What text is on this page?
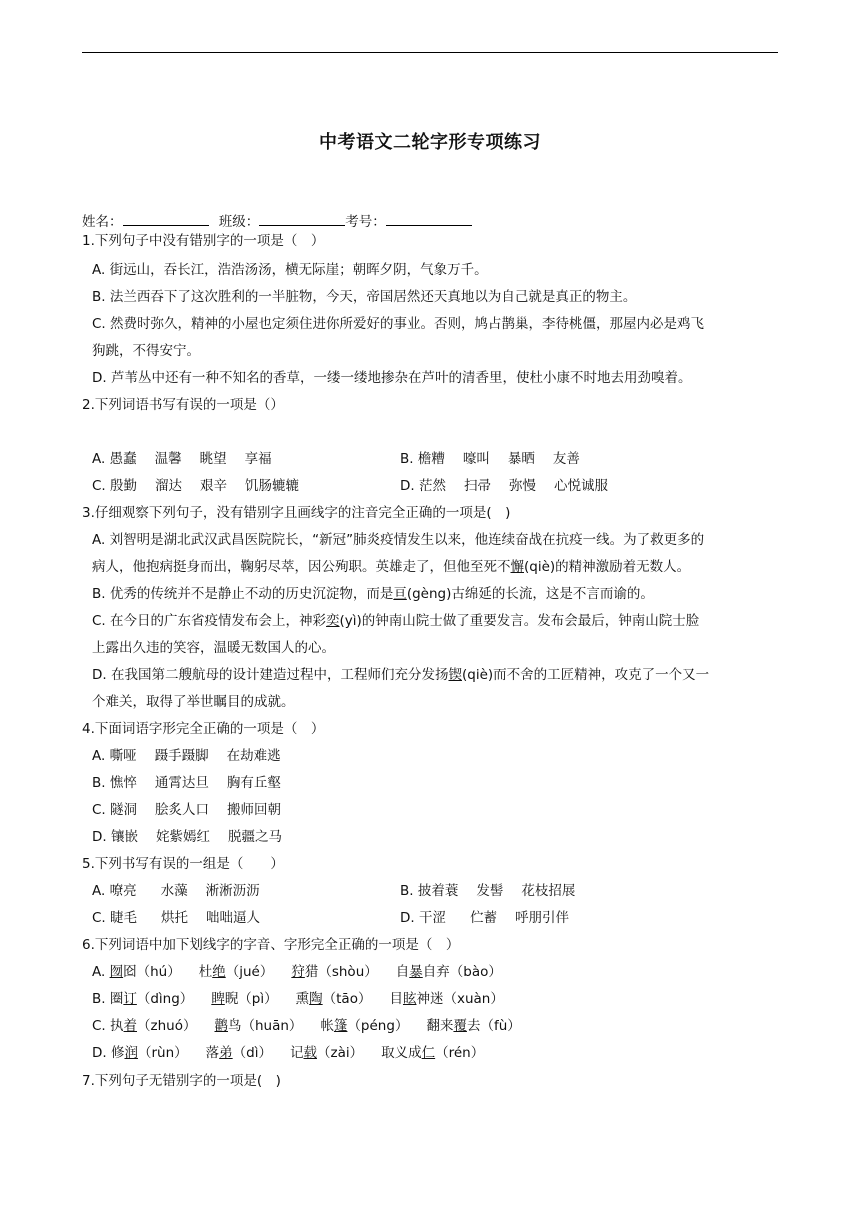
中考语文二轮字形专项练习
姓名：	班级：	考号：
1.下列句子中没有错别字的一项是（　）
A. 街远山，吞长江，浩浩汤汤，横无际崖；朝晖夕阴，气象万千。
B. 法兰西吞下了这次胜利的一半脏物，今天，帝国居然还天真地以为自己就是真正的物主。
C. 然费时弥久，精神的小屋也定须住进你所爱好的事业。否则，鸠占鹊巢，李待桃僵，那屋内必是鸡飞
狗跳，不得安宁。
D. 芦苇丛中还有一种不知名的香草，一缕一缕地掺杂在芦叶的清香里，使杜小康不时地去用劲嗅着。
2.下列词语书写有误的一项是（）
A. 愚蠢 温馨 眺望 享福	B. 檐糟 嚎叫 暴晒 友善
C. 殷勤 溜达 艰辛 饥肠辘辘	D. 茫然 扫帚 弥慢 心悦诚服
3.仔细观察下列句子，没有错别字且画线字的注音完全正确的一项是(　)
A. 刘智明是湖北武汉武昌医院院长，“新冠”肺炎疫情发生以来，他连续奋战在抗疫一线。为了救更多的
病人，他抱病挺身而出，鞠躬尽萃，因公殉职。英雄走了，但他至死不懈(qiè)的精神激励着无数人。
B. 优秀的传统并不是静止不动的历史沉淀物，而是亘(gèng)古绵延的长流，这是不言而谕的。
C. 在今日的广东省疫情发布会上，神彩奕(yì)的钟南山院士做了重要发言。发布会最后，钟南山院士脸
上露出久违的笑容，温暖无数国人的心。
D. 在我国第二艘航母的设计建造过程中，工程师们充分发扬锲(qiè)而不舍的工匠精神，攻克了一个又一
个难关，取得了举世瞩目的成就。
4.下面词语字形完全正确的一项是（　）
A. 嘶哑 蹑手蹑脚 在劫难逃
B. 憔悴 通霄达旦 胸有丘壑
C. 隧洞 脍炙人口 搬师回朝
D. 镶嵌 姹紫嫣红 脱疆之马
5.下列书写有误的一组是（　　）
A. 嘹亮 水藻 淅淅沥沥	B. 披着蓑 发髻 花枝招展
C. 睫毛 烘托 咄咄逼人	D. 干涩 伫蓄 呼朋引伴
6.下列词语中加下划线字的字音、字形完全正确的一项是（　）
A. 囫囵（hú） 杜绝（jué） 狩猎（shòu） 自暴自弃（bào）
B. 圈订（dìng） 睥睨（pì） 熏陶（tāo） 目眩神迷（xuàn）
C. 执着（zhuó） 鹳鸟（huān） 帐篷（péng） 翻来覆去（fù）
D. 修润（rùn） 落弟（dì） 记载（zài） 取义成仁（rén）
7.下列句子无错别字的一项是(　)
